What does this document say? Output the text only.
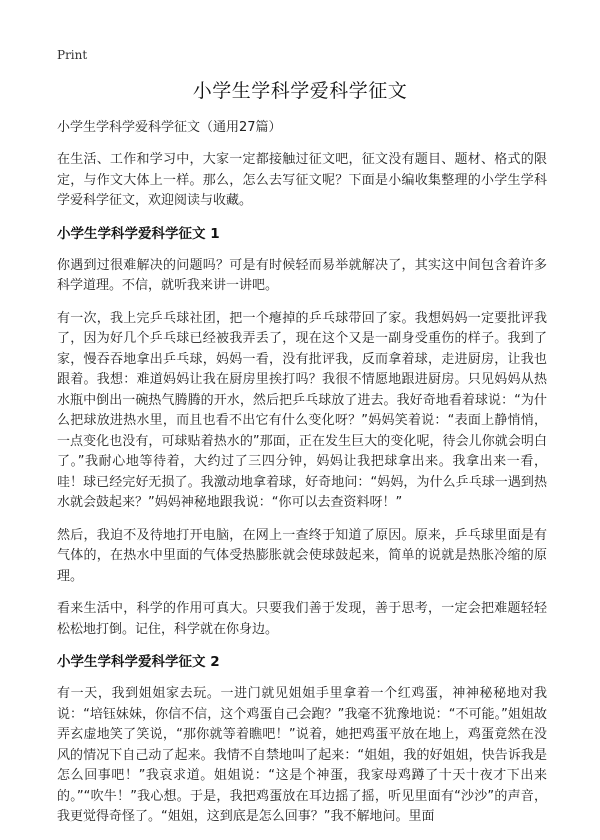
Print
小学生学科学爱科学征文

小学生学科学爱科学征文（通用27篇）

在生活、工作和学习中，大家一定都接触过征文吧，征文没有题目、题材、格式的限定，与作文大体上一样。那么，怎么去写征文呢？下面是小编收集整理的小学生学科学爱科学征文，欢迎阅读与收藏。

小学生学科学爱科学征文 1

你遇到过很难解决的问题吗？可是有时候轻而易举就解决了，其实这中间包含着许多科学道理。不信，就听我来讲一讲吧。

有一次，我上完乒乓球社团，把一个瘪掉的乒乓球带回了家。我想妈妈一定要批评我了，因为好几个乒乓球已经被我弄丢了，现在这个又是一副身受重伤的样子。我到了家，慢吞吞地拿出乒乓球，妈妈一看，没有批评我，反而拿着球，走进厨房，让我也跟着。我想：难道妈妈让我在厨房里挨打吗？我很不情愿地跟进厨房。只见妈妈从热水瓶中倒出一碗热气腾腾的开水，然后把乒乓球放了进去。我好奇地看着球说：“为什么把球放进热水里，而且也看不出它有什么变化呀？”妈妈笑着说：“表面上静悄悄，一点变化也没有，可球贴着热水的”那面，正在发生巨大的变化呢，待会儿你就会明白了。”我耐心地等待着，大约过了三四分钟，妈妈让我把球拿出来。我拿出来一看，哇！球已经完好无损了。我激动地拿着球，好奇地问：“妈妈，为什么乒乓球一遇到热水就会鼓起来？”妈妈神秘地跟我说：“你可以去查资料呀！”

然后，我迫不及待地打开电脑，在网上一查终于知道了原因。原来，乒乓球里面是有气体的，在热水中里面的气体受热膨胀就会使球鼓起来，简单的说就是热胀冷缩的原理。

看来生活中，科学的作用可真大。只要我们善于发现，善于思考，一定会把难题轻轻松松地打倒。记住，科学就在你身边。

小学生学科学爱科学征文 2

有一天，我到姐姐家去玩。一进门就见姐姐手里拿着一个红鸡蛋，神神秘秘地对我说：“培钰妹妹，你信不信，这个鸡蛋自己会跑？”我毫不犹豫地说：“不可能。”姐姐故弄玄虚地笑了笑说，“那你就等着瞧吧！”说着，她把鸡蛋平放在地上，鸡蛋竟然在没风的情况下自己动了起来。我情不自禁地叫了起来：“姐姐，我的好姐姐，快告诉我是怎么回事吧！”我哀求道。姐姐说：“这是个神蛋，我家母鸡蹲了十天十夜才下出来的。”“吹牛！”我心想。于是，我把鸡蛋放在耳边摇了摇，听见里面有“沙沙”的声音，我更觉得奇怪了。“姐姐，这到底是怎么回事？”我不解地问。里面
